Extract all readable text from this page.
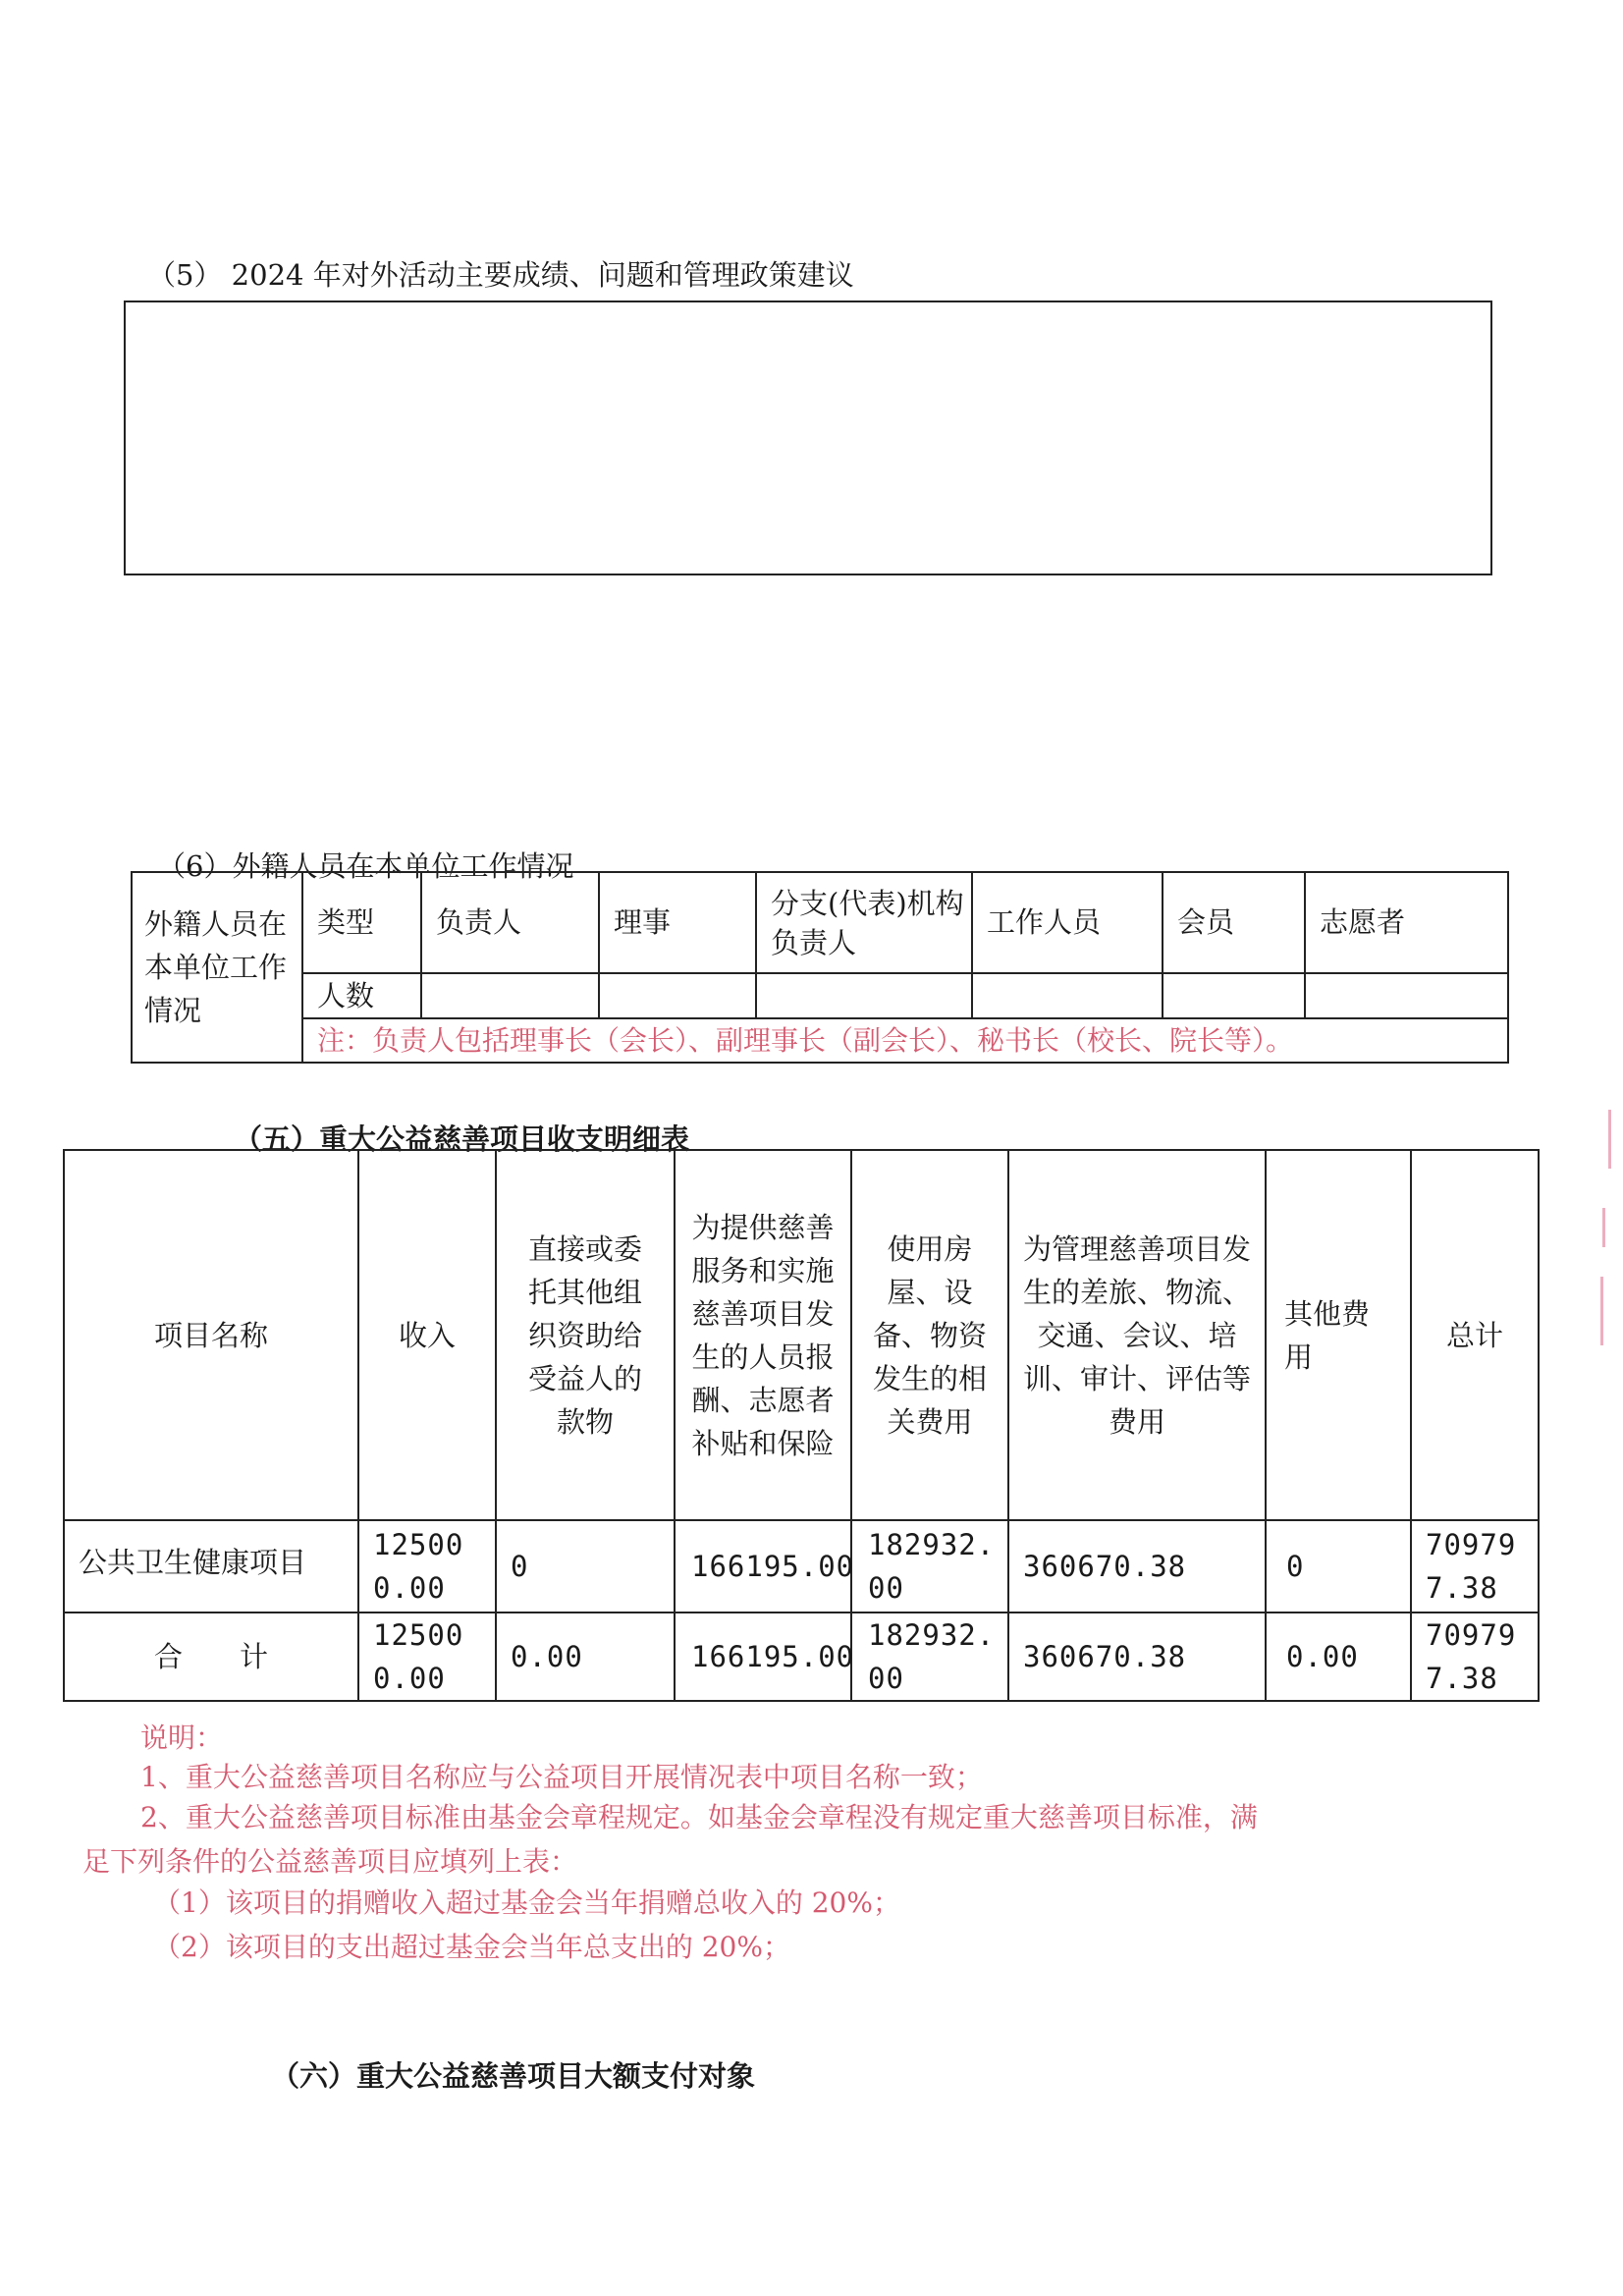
（5） 2024 年对外活动主要成绩、问题和管理政策建议
（6）外籍人员在本单位工作情况
外籍人员在本单位工作情况	类型	负责人	理事	分支(代表)机构负责人	工作人员	会员	志愿者
	人数						
	注：负责人包括理事长（会长）、副理事长（副会长）、秘书长（校长、院长等）。						
（五）重大公益慈善项目收支明细表
项目名称	收入	直接或委托其他组织资助给受益人的款物	为提供慈善服务和实施慈善项目发生的人员报酬、志愿者补贴和保险	使用房屋、设备、物资发生的相关费用	为管理慈善项目发生的差旅、物流、交通、会议、培训、审计、评估等费用	其他费用	总计
公共卫生健康项目	125000.00	0	166195.00	182932.00	360670.38	0	709797.38
合　　计	125000.00	0.00	166195.00	182932.00	360670.38	0.00	709797.38
说明：
1、重大公益慈善项目名称应与公益项目开展情况表中项目名称一致；
2、重大公益慈善项目标准由基金会章程规定。如基金会章程没有规定重大慈善项目标准，满
足下列条件的公益慈善项目应填列上表：
（1）该项目的捐赠收入超过基金会当年捐赠总收入的 20%；
（2）该项目的支出超过基金会当年总支出的 20%；
（六）重大公益慈善项目大额支付对象
